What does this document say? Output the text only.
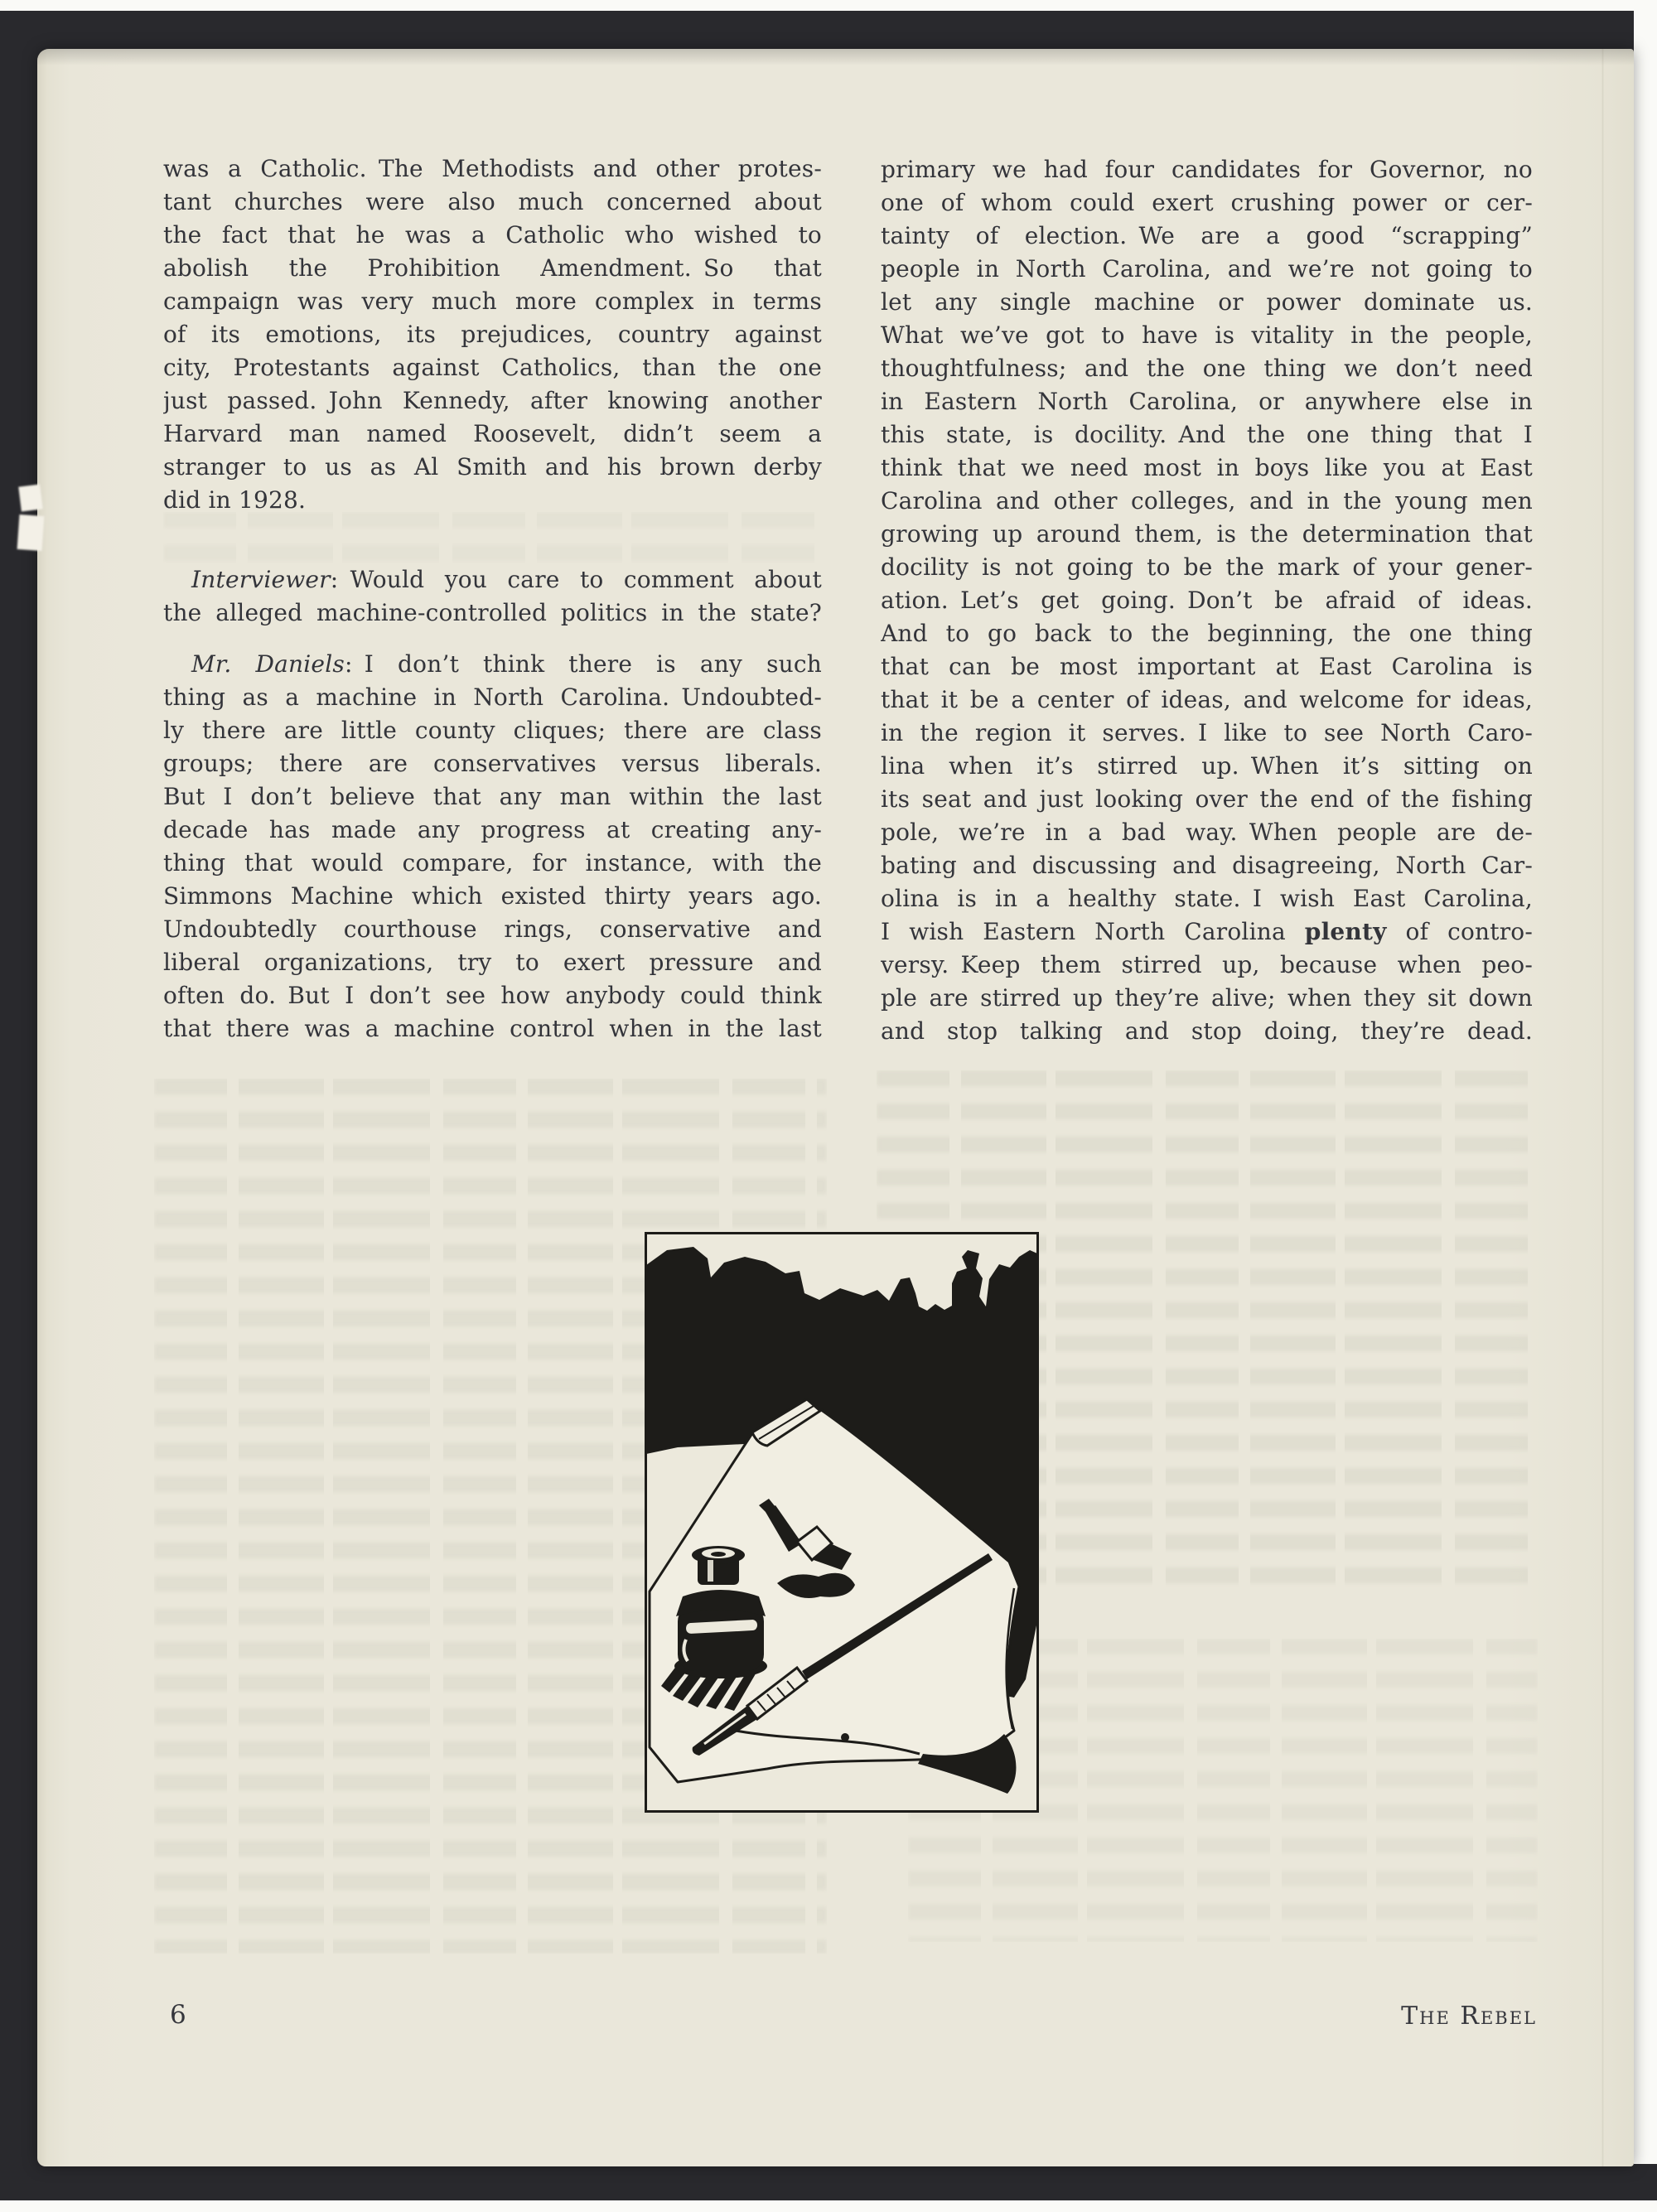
was a Catholic. The Methodists and other protes-
tant churches were also much concerned about
the fact that he was a Catholic who wished to
abolish the Prohibition Amendment. So that
campaign was very much more complex in terms
of its emotions, its prejudices, country against
city, Protestants against Catholics, than the one
just passed. John Kennedy, after knowing another
Harvard man named Roosevelt, didn’t seem a
stranger to us as Al Smith and his brown derby
did in 1928.
Interviewer: Would you care to comment about
the alleged machine-controlled politics in the state?
Mr. Daniels: I don’t think there is any such
thing as a machine in North Carolina. Undoubted-
ly there are little county cliques; there are class
groups; there are conservatives versus liberals.
But I don’t believe that any man within the last
decade has made any progress at creating any-
thing that would compare, for instance, with the
Simmons Machine which existed thirty years ago.
Undoubtedly courthouse rings, conservative and
liberal organizations, try to exert pressure and
often do. But I don’t see how anybody could think
that there was a machine control when in the last
primary we had four candidates for Governor, no
one of whom could exert crushing power or cer-
tainty of election. We are a good “scrapping”
people in North Carolina, and we’re not going to
let any single machine or power dominate us.
What we’ve got to have is vitality in the people,
thoughtfulness; and the one thing we don’t need
in Eastern North Carolina, or anywhere else in
this state, is docility. And the one thing that I
think that we need most in boys like you at East
Carolina and other colleges, and in the young men
growing up around them, is the determination that
docility is not going to be the mark of your gener-
ation. Let’s get going. Don’t be afraid of ideas.
And to go back to the beginning, the one thing
that can be most important at East Carolina is
that it be a center of ideas, and welcome for ideas,
in the region it serves. I like to see North Caro-
lina when it’s stirred up. When it’s sitting on
its seat and just looking over the end of the fishing
pole, we’re in a bad way. When people are de-
bating and discussing and disagreeing, North Car-
olina is in a healthy state. I wish East Carolina,
I wish Eastern North Carolina plenty of contro-
versy. Keep them stirred up, because when peo-
ple are stirred up they’re alive; when they sit down
and stop talking and stop doing, they’re dead.
6	The Rebel
